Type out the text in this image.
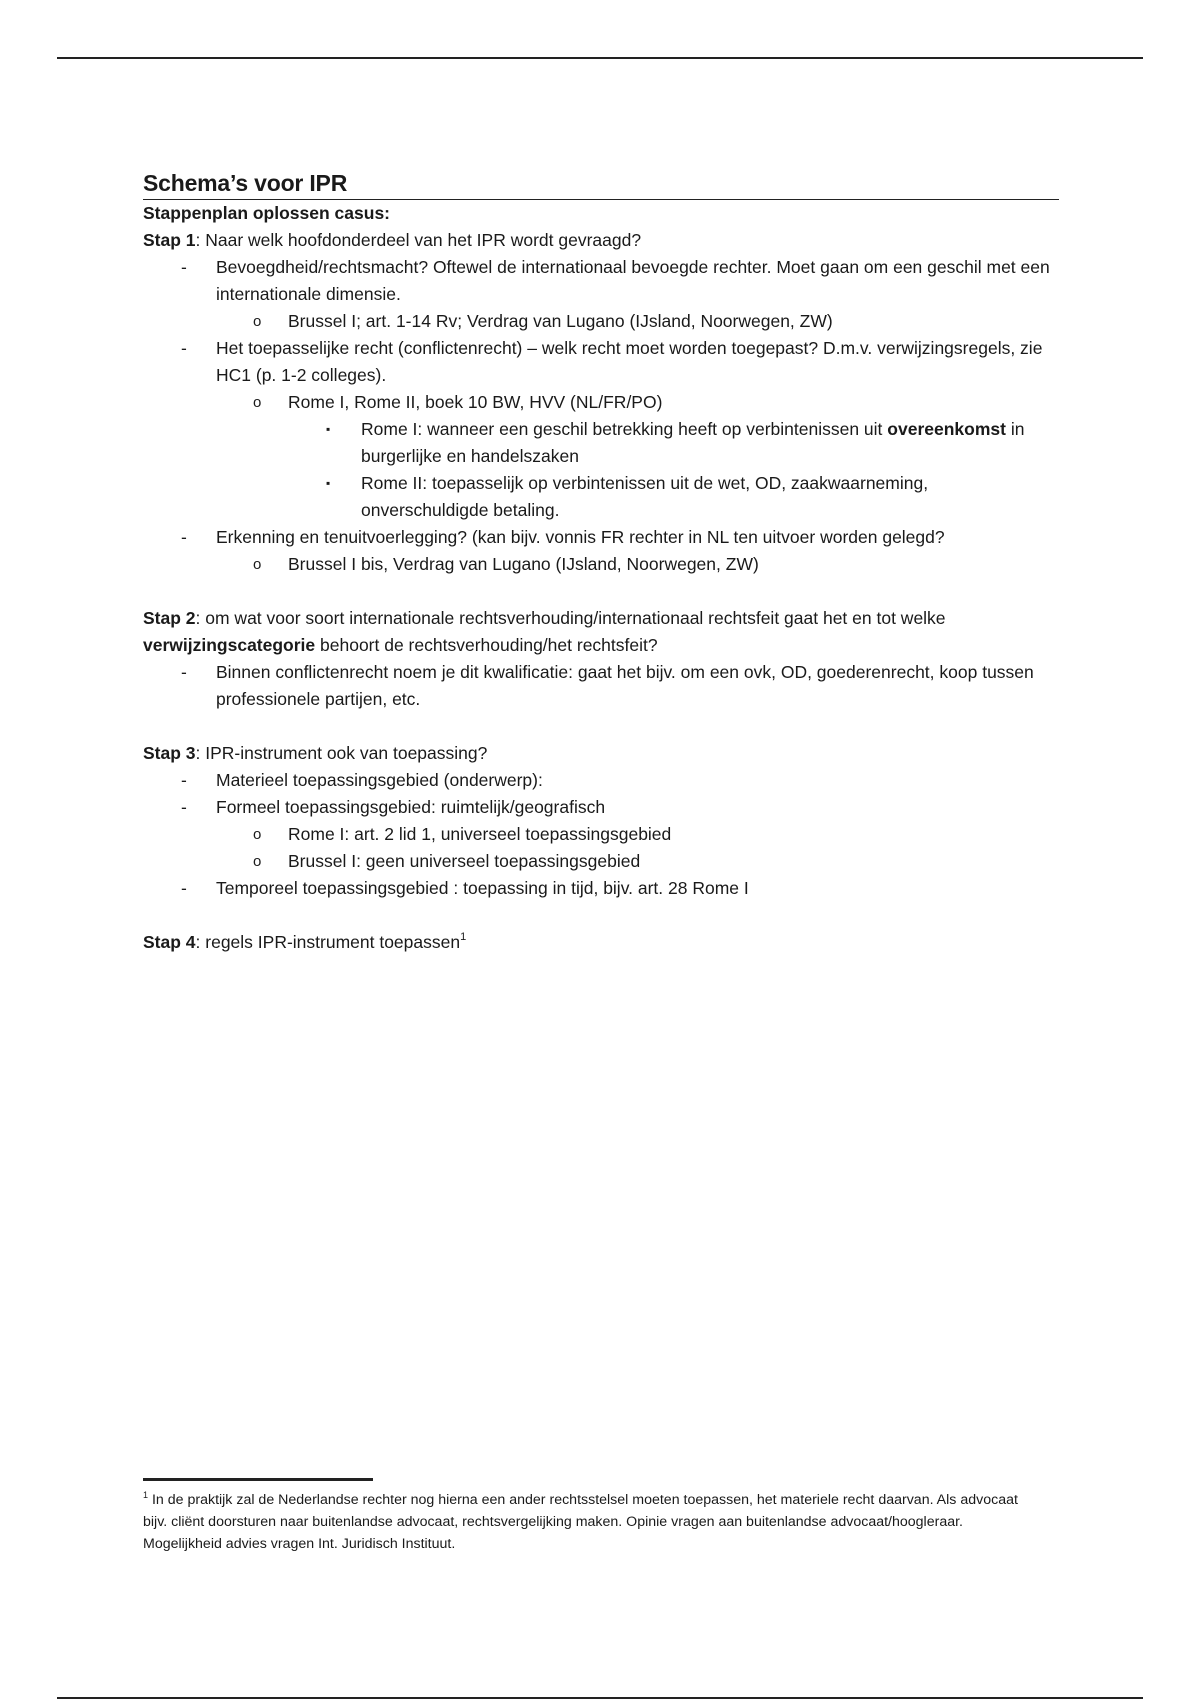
Schema’s voor IPR

Stappenplan oplossen casus:

Stap 1: Naar welk hoofdonderdeel van het IPR wordt gevraagd?

- Bevoegdheid/rechtsmacht? Oftewel de internationaal bevoegde rechter. Moet gaan om een geschil met een internationale dimensie.
o Brussel I; art. 1-14 Rv; Verdrag van Lugano (IJsland, Noorwegen, ZW)
- Het toepasselijke recht (conflictenrecht) – welk recht moet worden toegepast? D.m.v. verwijzingsregels, zie HC1 (p. 1-2 colleges).
o Rome I, Rome II, boek 10 BW, HVV (NL/FR/PO)
▪ Rome I: wanneer een geschil betrekking heeft op verbintenissen uit overeenkomst in burgerlijke en handelszaken
▪ Rome II: toepasselijk op verbintenissen uit de wet, OD, zaakwaarneming, onverschuldigde betaling.
- Erkenning en tenuitvoerlegging? (kan bijv. vonnis FR rechter in NL ten uitvoer worden gelegd?
o Brussel I bis, Verdrag van Lugano (IJsland, Noorwegen, ZW)

Stap 2: om wat voor soort internationale rechtsverhouding/internationaal rechtsfeit gaat het en tot welke verwijzingscategorie behoort de rechtsverhouding/het rechtsfeit?

- Binnen conflictenrecht noem je dit kwalificatie: gaat het bijv. om een ovk, OD, goederenrecht, koop tussen professionele partijen, etc.

Stap 3: IPR-instrument ook van toepassing?

- Materieel toepassingsgebied (onderwerp):
- Formeel toepassingsgebied: ruimtelijk/geografisch
o Rome I: art. 2 lid 1, universeel toepassingsgebied
o Brussel I: geen universeel toepassingsgebied
- Temporeel toepassingsgebied : toepassing in tijd, bijv. art. 28 Rome I

Stap 4: regels IPR-instrument toepassen$^1$

$^1$ In de praktijk zal de Nederlandse rechter nog hierna een ander rechtsstelsel moeten toepassen, het materiele recht daarvan. Als advocaat bijv. cliënt doorsturen naar buitenlandse advocaat, rechtsvergelijking maken. Opinie vragen aan buitenlandse advocaat/hoogleraar. Mogelijkheid advies vragen Int. Juridisch Instituut.
